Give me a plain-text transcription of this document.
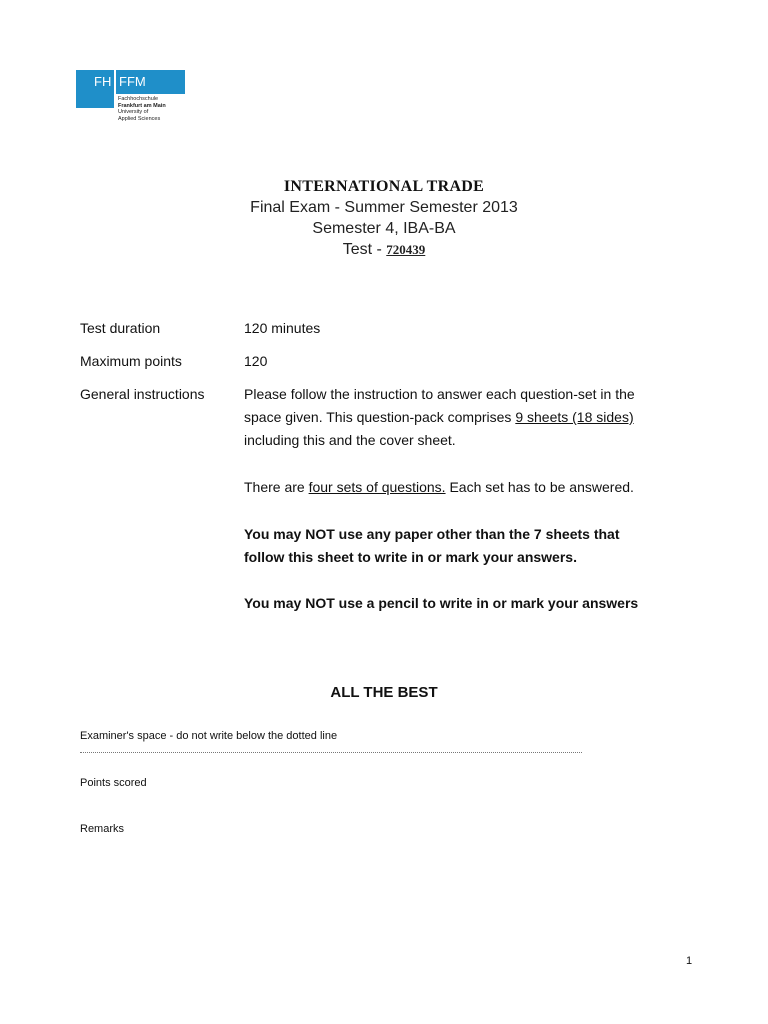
FH FFM
Fachhochschule
Frankfurt am Main
University of
Applied Sciences
INTERNATIONAL TRADE
Final Exam - Summer Semester 2013
Semester 4, IBA-BA
Test - 720439
Test duration	120 minutes
Maximum points	120
General instructions	Please follow the instruction to answer each question-set in the
space given. This question-pack comprises 9 sheets (18 sides)
including this and the cover sheet.
There are four sets of questions. Each set has to be answered.
You may NOT use any paper other than the 7 sheets that
follow this sheet to write in or mark your answers.
You may NOT use a pencil to write in or mark your answers
ALL THE BEST
Examiner's space - do not write below the dotted line
Points scored
Remarks
1
